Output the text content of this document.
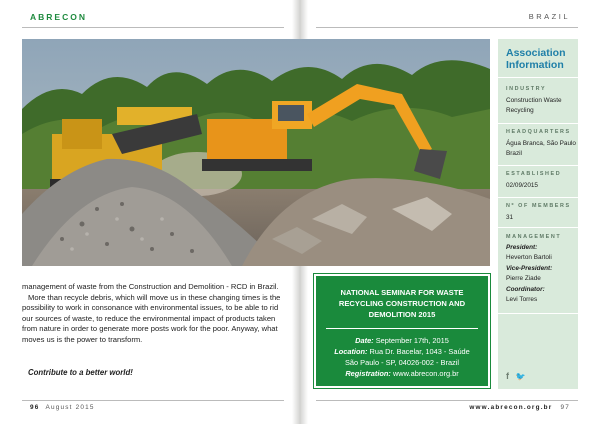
ABRECON	BRAZIL

management of waste from the Construction and Demolition - RCD in Brazil.

More than recycle debris, which will move us in these changing times is the possibility to work in consonance with environmental issues, to be able to rid our sources of waste, to reduce the environmental impact of products taken from nature in order to generate more posts work for the poor. Anyway, what moves us is the power to transform.

Contribute to a better world!
NATIONAL SEMINAR FOR WASTE RECYCLING CONSTRUCTION AND DEMOLITION 2015
Date: September 17th, 2015
Location: Rua Dr. Bacelar, 1043 - Saúde
São Paulo - SP, 04026-002 - Brazil
Registration: www.abrecon.org.br
Association
Information
INDUSTRY
Construction Waste Recycling
HEADQUARTERS
Água Branca, São Paulo Brazil
ESTABLISHED
02/09/2015
Nº OF MEMBERS
31
MANAGEMENT
President:
Heverton Bartoli
Vice-President:
Pierre Ziade
Coordinator:
Levi Torres
f 🐦
96 August 2015	www.abrecon.org.br 97
